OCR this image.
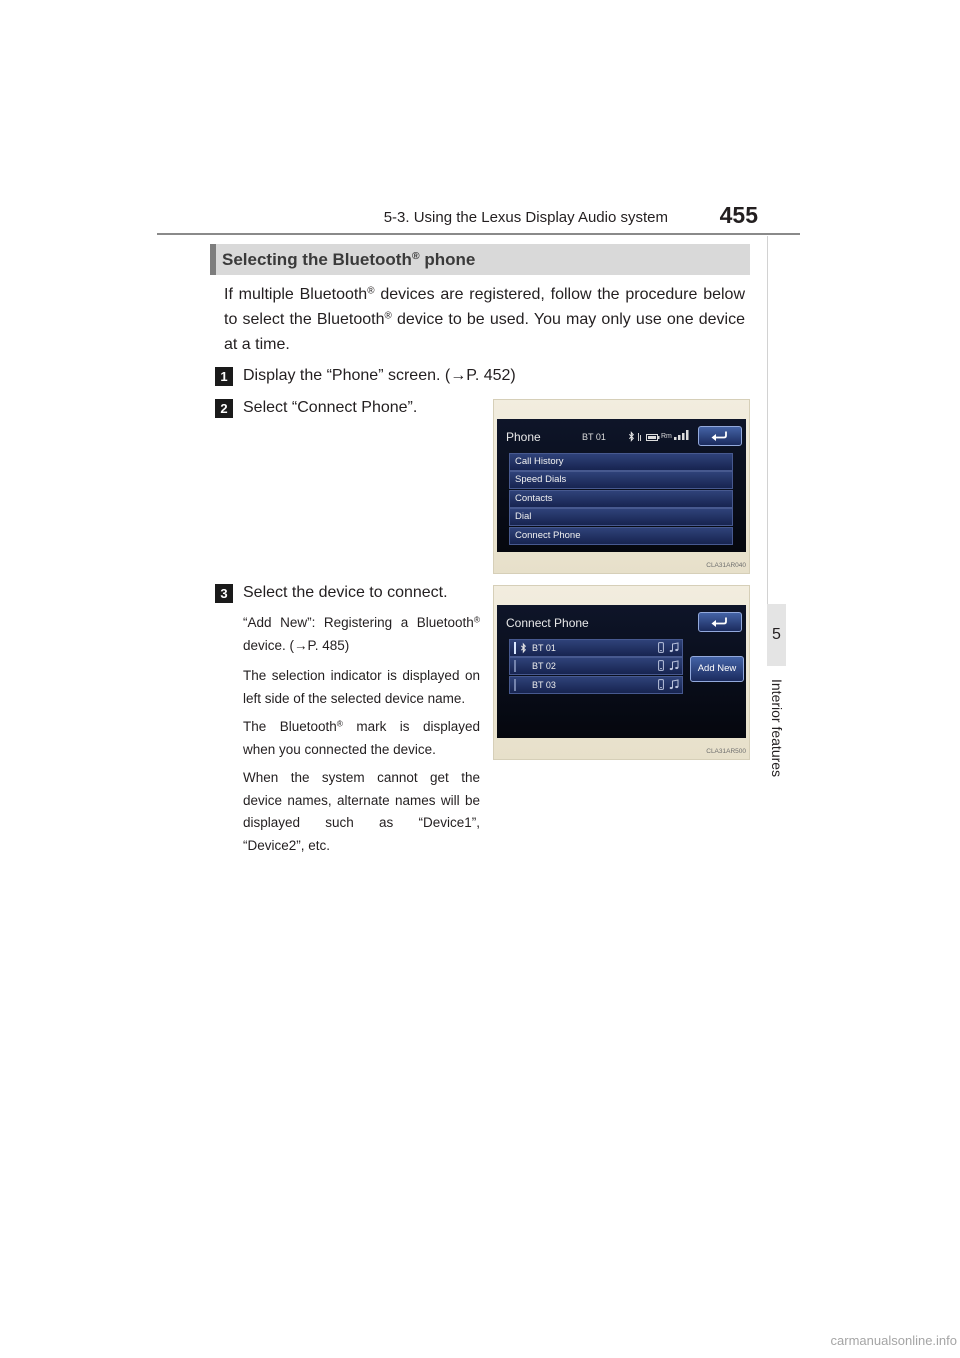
5-3. Using the Lexus Display Audio system 455
5
Interior features
Selecting the Bluetooth® phone
If multiple Bluetooth® devices are registered, follow the procedure below
to select the Bluetooth® device to be used. You may only use one device
at a time.
1 Display the “Phone” screen. (→P. 452)
2 Select “Connect Phone”.
3 Select the device to connect.
“Add New”: Registering a Bluetooth®
device. (→P. 485)
The selection indicator is displayed on
left side of the selected device name.
The Bluetooth® mark is displayed
when you connected the device.
When the system cannot get the
device names, alternate names will be
displayed such as “Device1”,
“Device2”, etc.
Phone	BT 01	Rm
Call History
Speed Dials
Contacts
Dial
Connect Phone
CLA31AR040
Connect Phone
BT 01
BT 02
BT 03
Add New
CLA31AR500
carmanualsonline.info
